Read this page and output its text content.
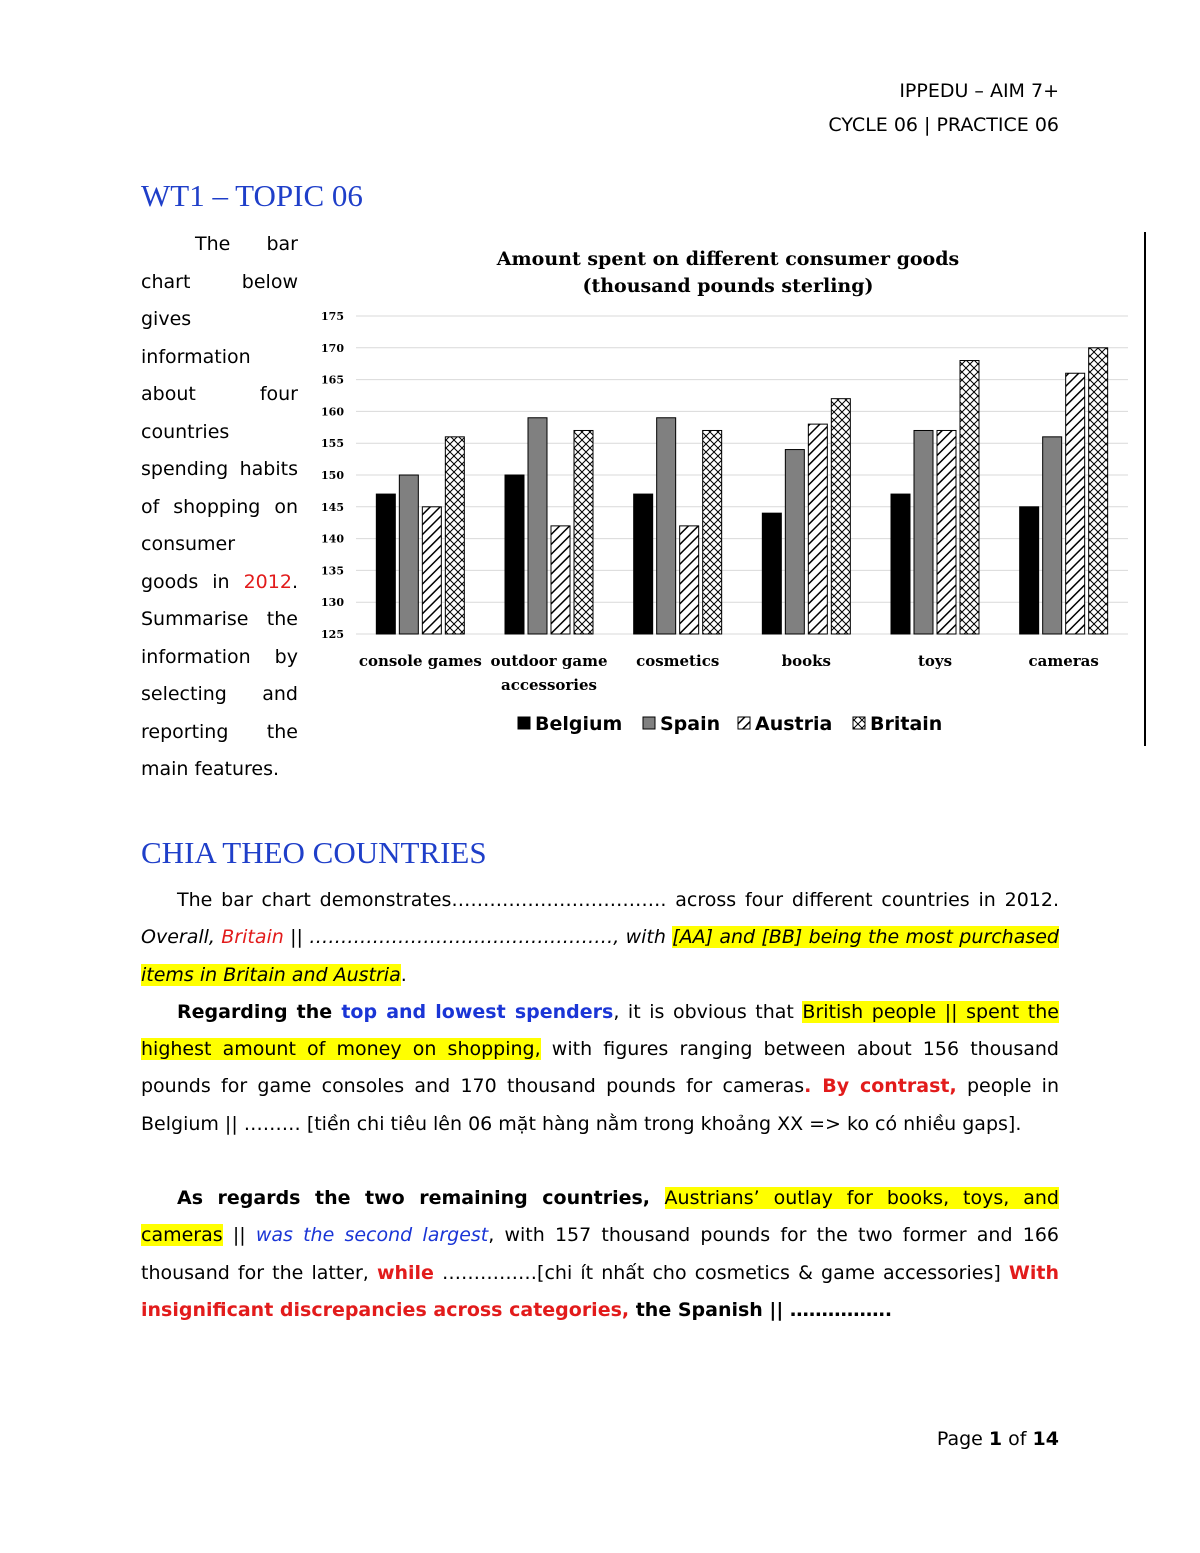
IPPEDU – AIM 7+
CYCLE 06 | PRACTICE 06
WT1 – TOPIC 06
The bar chart below gives information about four countries spending habits of shopping on consumer goods in 2012. Summarise the information by selecting and reporting the main features.
Amount spent on different consumer goods
(thousand pounds sterling)
125
130
135
140
145
150
155
160
165
170
175
console games outdoor game accessories
cosmetics	books	toys	cameras
Belgium Spain Austria Britain
CHIA THEO COUNTRIES

The bar chart demonstrates……………………………. across four different countries in 2012. Overall, Britain || …………………………………………, with [AA] and [BB] being the most purchased items in Britain and Austria.

Regarding the top and lowest spenders, it is obvious that British people || spent the highest amount of money on shopping, with figures ranging between about 156 thousand pounds for game consoles and 170 thousand pounds for cameras. By contrast, people in Belgium || ……… [tiền chi tiêu lên 06 mặt hàng nằm trong khoảng XX => ko có nhiều gaps].

As regards the two remaining countries, Austrians’ outlay for books, toys, and cameras || was the second largest, with 157 thousand pounds for the two former and 166 thousand for the latter, while ……………[chi ít nhất cho cosmetics & game accessories] With insignificant discrepancies across categories, the Spanish || …………….

Page 1 of 14
